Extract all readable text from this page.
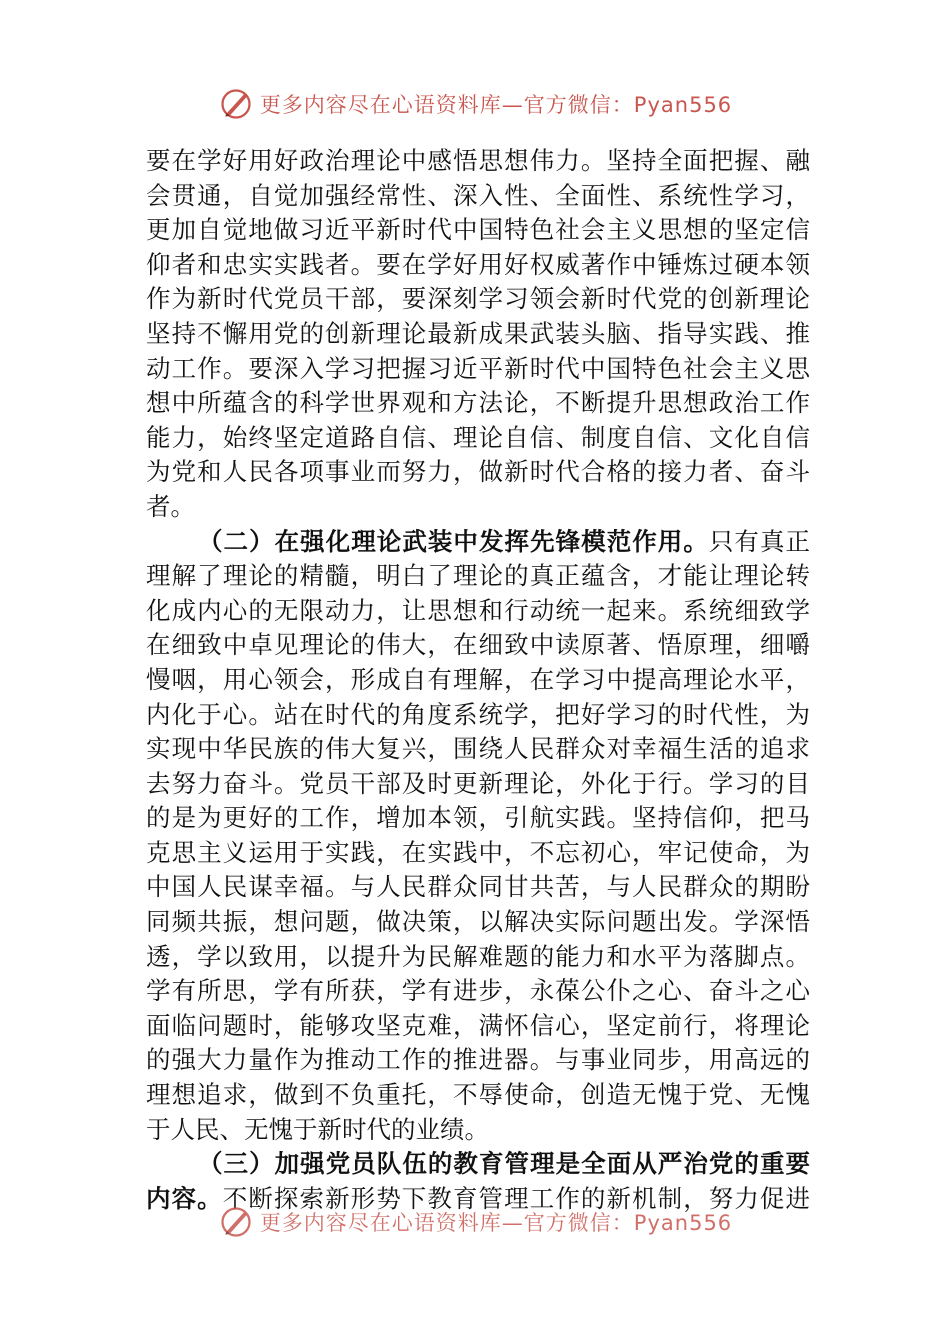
更多内容尽在心语资料库—官方微信：Pyan556
要在学好用好政治理论中感悟思想伟力。坚持全面把握、融
会贯通，自觉加强经常性、深入性、全面性、系统性学习，
更加自觉地做习近平新时代中国特色社会主义思想的坚定信
仰者和忠实实践者。要在学好用好权威著作中锤炼过硬本领
作为新时代党员干部，要深刻学习领会新时代党的创新理论
坚持不懈用党的创新理论最新成果武装头脑、指导实践、推
动工作。要深入学习把握习近平新时代中国特色社会主义思
想中所蕴含的科学世界观和方法论，不断提升思想政治工作
能力，始终坚定道路自信、理论自信、制度自信、文化自信
为党和人民各项事业而努力，做新时代合格的接力者、奋斗
者。
（二）在强化理论武装中发挥先锋模范作用。只有真正
理解了理论的精髓，明白了理论的真正蕴含，才能让理论转
化成内心的无限动力，让思想和行动统一起来。系统细致学
在细致中卓见理论的伟大，在细致中读原著、悟原理，细嚼
慢咽，用心领会，形成自有理解，在学习中提高理论水平，
内化于心。站在时代的角度系统学，把好学习的时代性，为
实现中华民族的伟大复兴，围绕人民群众对幸福生活的追求
去努力奋斗。党员干部及时更新理论，外化于行。学习的目
的是为更好的工作，增加本领，引航实践。坚持信仰，把马
克思主义运用于实践，在实践中，不忘初心，牢记使命，为
中国人民谋幸福。与人民群众同甘共苦，与人民群众的期盼
同频共振，想问题，做决策，以解决实际问题出发。学深悟
透，学以致用，以提升为民解难题的能力和水平为落脚点。
学有所思，学有所获，学有进步，永葆公仆之心、奋斗之心
面临问题时，能够攻坚克难，满怀信心，坚定前行，将理论
的强大力量作为推动工作的推进器。与事业同步，用高远的
理想追求，做到不负重托，不辱使命，创造无愧于党、无愧
于人民、无愧于新时代的业绩。
（三）加强党员队伍的教育管理是全面从严治党的重要
内容。不断探索新形势下教育管理工作的新机制，努力促进
更多内容尽在心语资料库—官方微信：Pyan556
